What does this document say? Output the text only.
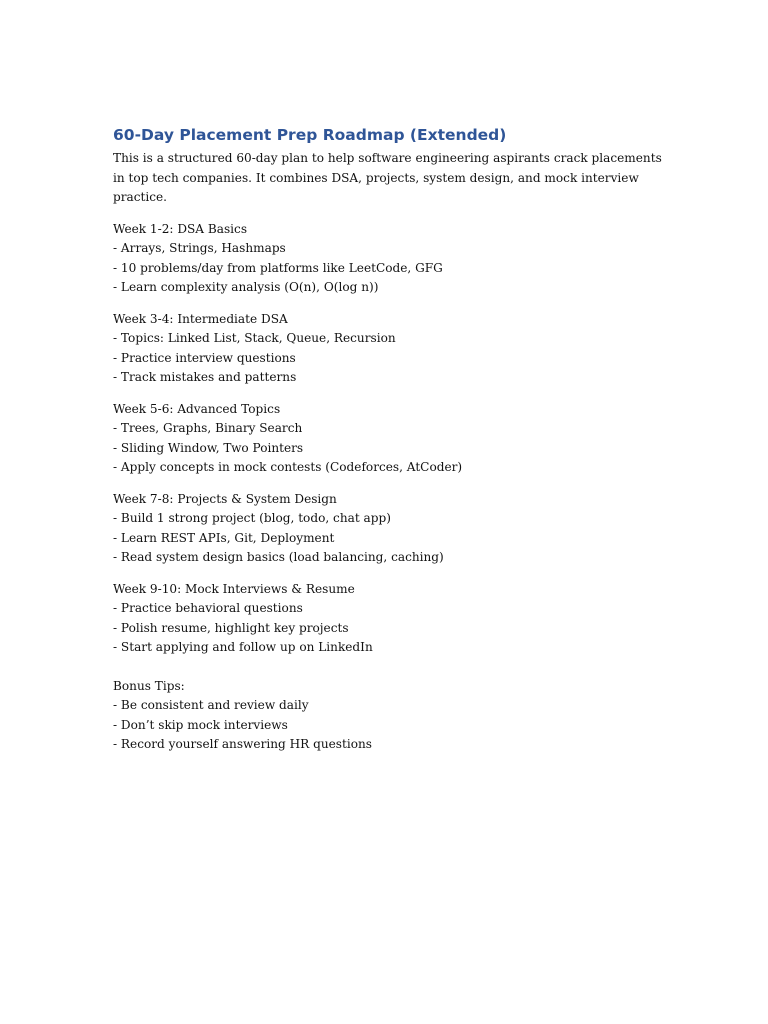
60-Day Placement Prep Roadmap (Extended)

This is a structured 60-day plan to help software engineering aspirants crack placements in top tech companies. It combines DSA, projects, system design, and mock interview practice.

Week 1-2: DSA Basics

- Arrays, Strings, Hashmaps

- 10 problems/day from platforms like LeetCode, GFG

- Learn complexity analysis (O(n), O(log n))

Week 3-4: Intermediate DSA

- Topics: Linked List, Stack, Queue, Recursion

- Practice interview questions

- Track mistakes and patterns

Week 5-6: Advanced Topics

- Trees, Graphs, Binary Search

- Sliding Window, Two Pointers

- Apply concepts in mock contests (Codeforces, AtCoder)

Week 7-8: Projects & System Design

- Build 1 strong project (blog, todo, chat app)

- Learn REST APIs, Git, Deployment

- Read system design basics (load balancing, caching)

Week 9-10: Mock Interviews & Resume

- Practice behavioral questions

- Polish resume, highlight key projects

- Start applying and follow up on LinkedIn

Bonus Tips:

- Be consistent and review daily

- Don’t skip mock interviews

- Record yourself answering HR questions
